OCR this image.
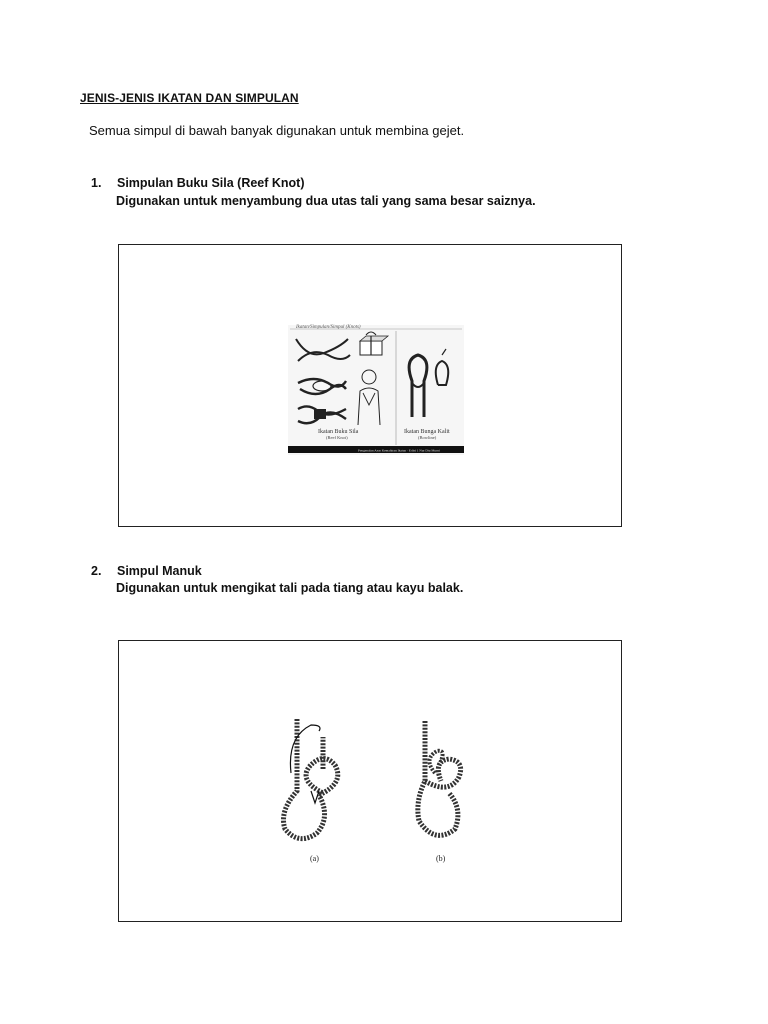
JENIS-JENIS IKATAN DAN SIMPULAN
Semua simpul di bawah banyak digunakan untuk membina gejet.
1. Simpulan Buku Sila (Reef Knot)
Digunakan untuk menyambung dua utas tali yang sama besar saiznya.
Ikatan/Simpulan/Simpul (Knots)
Ikatan Buku Sila
(Reef Knot)
Ikatan Bunga Kalit
(Bowline)
Pengenalan Asas Kemahiran Ikatan · Edisi 1 Nur Dtu Murni
2. Simpul Manuk
Digunakan untuk mengikat tali pada tiang atau kayu balak.
(a)	(b)
